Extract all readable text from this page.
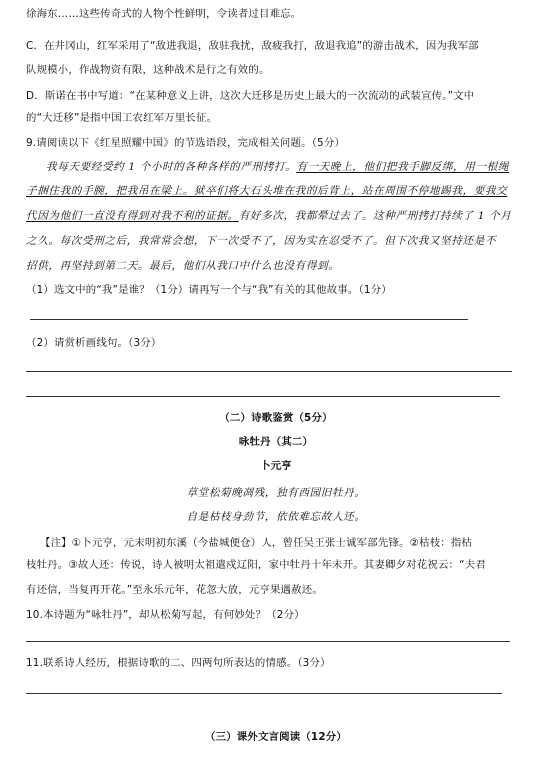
徐海东……这些传奇式的人物个性鲜明，令读者过目难忘。
C．在井冈山，红军采用了“敌进我退，敌驻我扰，敌疲我打，敌退我追”的游击战术，因为我军部
队规模小，作战物资有限，这种战术是行之有效的。
D．斯诺在书中写道：“在某种意义上讲，这次大迁移是历史上最大的一次流动的武装宣传。”文中
的“大迁移”是指中国工农红军万里长征。
9.请阅读以下《红星照耀中国》的节选语段，完成相关问题。（5分）
我每天要经受约 1 个小时的各种各样的严刑拷打。有一天晚上，他们把我手脚反绑，用一根绳
子捆住我的手腕，把我吊在梁上。狱卒们将大石头堆在我的后背上，站在周围不停地踢我，要我交
代因为他们一直没有得到对我不利的证据。有好多次，我都晕过去了。这种严刑拷打持续了 1 个月
之久。每次受刑之后，我常常会想，下一次受不了，因为实在忍受不了。但下次我又坚持还是不
招供，再坚持到第二天。最后，他们从我口中什么也没有得到。
（1）选文中的“我”是谁？（1分）请再写一个与“我”有关的其他故事。（1分）
（2）请赏析画线句。（3分）
（二）诗歌鉴赏（5分）
咏牡丹（其二）
卜元亨
草堂松菊晚凋残，独有西园旧牡丹。
自是枯枝身劲节，依依难忘故人还。
【注】①卜元亨，元末明初东溪（今盐城便仓）人，曾任吴王张士诚军部先锋。②枯枝：指枯
枝牡丹。③故人还：传说，诗人被明太祖遣戍辽阳，家中牡丹十年未开。其妻卿夕对花祝云：“夫君
有还信，当复再开花。”至永乐元年，花忽大放，元亨果遇赦还。
10.本诗题为“咏牡丹”，却从松菊写起，有何妙处？（2分）
11.联系诗人经历，根据诗歌的二、四两句所表达的情感。（3分）
（三）课外文言阅读（12分）
